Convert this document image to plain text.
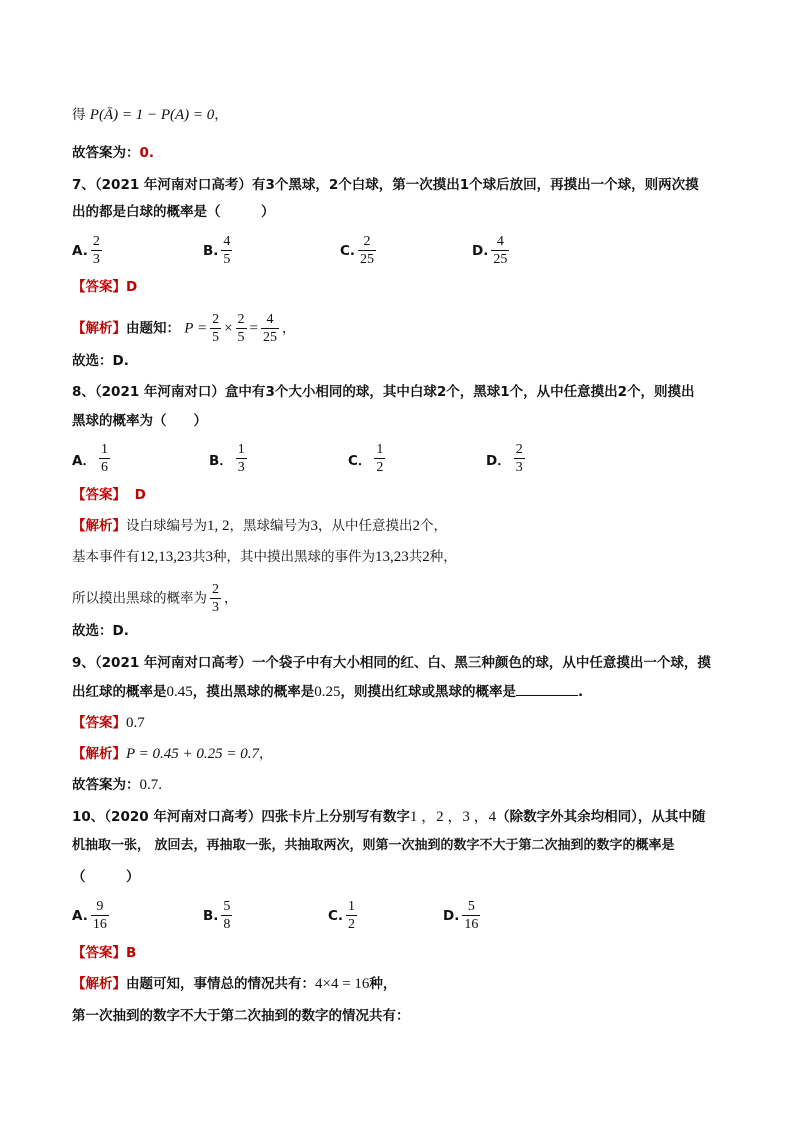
得 P(Ā) = 1 − P(A) = 0，
故答案为：0.
7、（2021 年河南对口高考）有3个黑球，2个白球，第一次摸出1个球后放回，再摸出一个球，则两次摸
出的都是白球的概率是（　　　）
A. $\frac{2}{3}$	B. $\frac{4}{5}$	C. $\frac{2}{25}$	D. $\frac{4}{25}$
【答案】D
【解析】由题知： $P = \frac{2}{5} \times \frac{2}{5} = \frac{4}{25}$ ，
故选：D.
8、（2021 年河南对口）盒中有3个大小相同的球，其中白球2个，黑球1个，从中任意摸出2个，则摸出
黑球的概率为（　　）
A． $\frac{1}{6}$	B． $\frac{1}{3}$	C． $\frac{1}{2}$	D． $\frac{2}{3}$
【答案】 D
【解析】设白球编号为1, 2，黑球编号为3，从中任意摸出2个，
基本事件有12,13,23共3种，其中摸出黑球的事件为13,23共2种，
所以摸出黑球的概率为 $\frac{2}{3}$ ，
故选：D.
9、（2021 年河南对口高考）一个袋子中有大小相同的红、白、黑三种颜色的球，从中任意摸出一个球，摸
出红球的概率是0.45，摸出黑球的概率是0.25，则摸出红球或黑球的概率是	.
【答案】0.7
【解析】P = 0.45 + 0.25 = 0.7，
故答案为：0.7.
10、（2020 年河南对口高考）四张卡片上分别写有数字1 ，2 ，3 ，4（除数字外其余均相同），从其中随
机抽取一张， 放回去，再抽取一张，共抽取两次，则第一次抽到的数字不大于第二次抽到的数字的概率是
（　　　）
A. $\frac{9}{16}$	B. $\frac{5}{8}$	C. $\frac{1}{2}$	D. $\frac{5}{16}$
【答案】B
【解析】由题可知，事情总的情况共有：4×4 = 16种，
第一次抽到的数字不大于第二次抽到的数字的情况共有：
